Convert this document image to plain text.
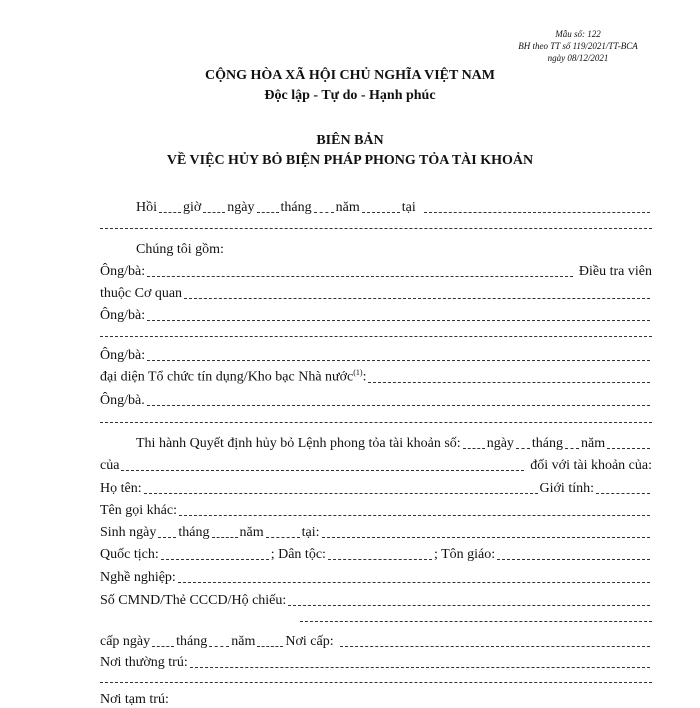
Mẫu số: 122
BH theo TT số 119/2021/TT-BCA
ngày 08/12/2021
CỘNG HÒA XÃ HỘI CHỦ NGHĨA VIỆT NAM
Độc lập - Tự do - Hạnh phúc
BIÊN BẢN
VỀ VIỆC HỦY BỎ BIỆN PHÁP PHONG TỎA TÀI KHOẢN
Hồi giờ ngày tháng năm	tại
Chúng tôi gồm:
Ông/bà:	Điều tra viên
thuộc Cơ quan
Ông/bà:
Ông/bà:
đại diện Tổ chức tín dụng/Kho bạc Nhà nước$^{(1)}$:
Ông/bà.
Thi hành Quyết định hủy bỏ Lệnh phong tỏa tài khoản số: ngày tháng năm
của	đối với tài khoản của:
Họ tên:	Giới tính:
Tên gọi khác:
Sinh ngày tháng năm	tại :
Quốc tịch:	; Dân tộc:	; Tôn giáo:
Nghề nghiệp:
Số CMND/Thẻ CCCD/Hộ chiếu:
cấp ngày tháng năm Nơi cấp:
Nơi thường trú:
Nơi tạm trú:
